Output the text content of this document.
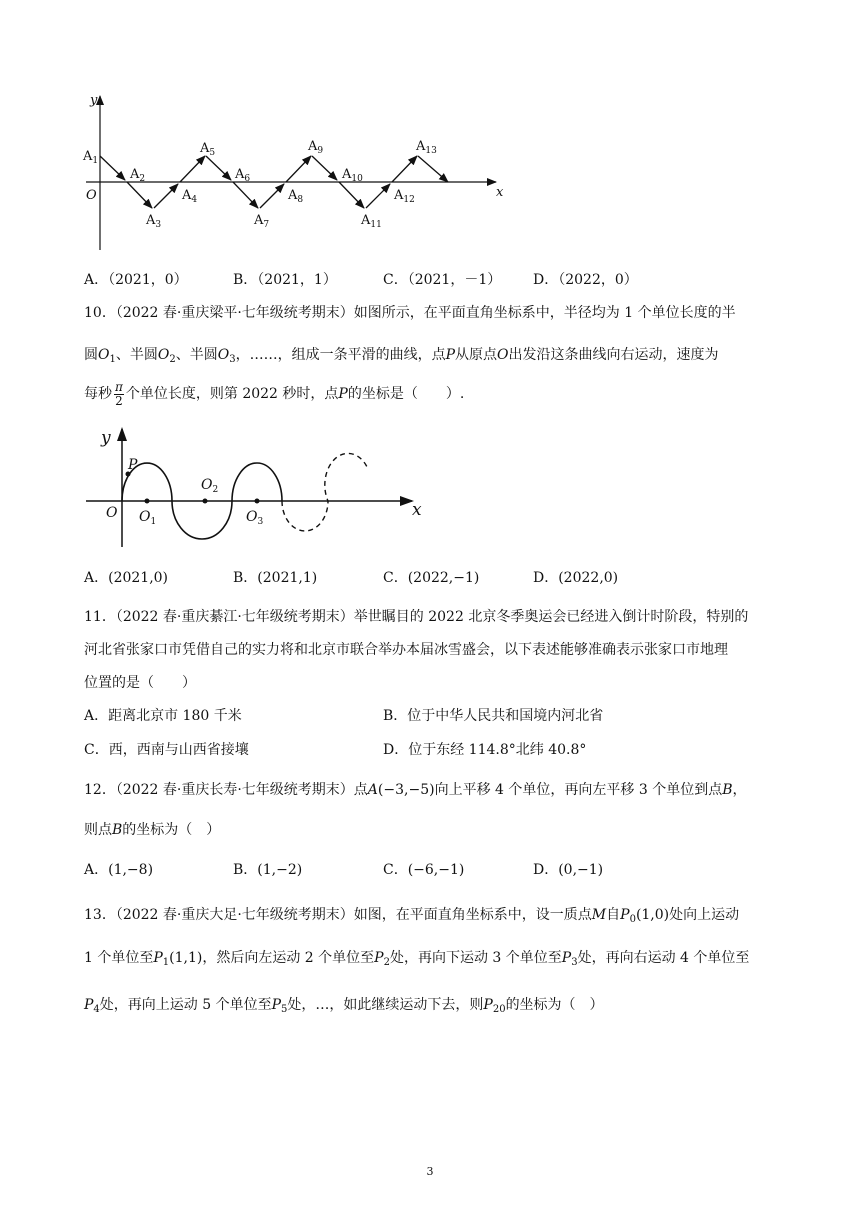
y
x
O
$A_1$
$A_2$
$A_3$
$A_4$
$A_5$
$A_6$
$A_7$
$A_8$
$A_9$
$A_{10}$
$A_{11}$
$A_{12}$
$A_{13}$
A．（2021，0）	B．（2021，1）	C．（2021，－1） D．（2022，0）
10．（2022 春·重庆梁平·七年级统考期末）如图所示，在平面直角坐标系中，半径均为 1 个单位长度的半
圆$O_1$、半圆$O_2$、半圆$O_3$，……，组成一条平滑的曲线，点P从原点O出发沿这条曲线向右运动，速度为
每秒 $\frac{\pi}{2}$ 个单位长度，则第 2022 秒时，点P的坐标是（　　）.
y
x
O
P
$O_1$
$O_2$
$O_3$
A．(2021,0)	B．(2021,1)	C．(2022,−1)	D．(2022,0)
11．（2022 春·重庆綦江·七年级统考期末）举世瞩目的 2022 北京冬季奥运会已经进入倒计时阶段，特别的
河北省张家口市凭借自己的实力将和北京市联合举办本届冰雪盛会，以下表述能够准确表示张家口市地理
位置的是（　　）
A．距离北京市 180 千米	B．位于中华人民共和国境内河北省
C．西，西南与山西省接壤	D．位于东经 114.8°北纬 40.8°
12．（2022 春·重庆长寿·七年级统考期末）点A(−3,−5)向上平移 4 个单位，再向左平移 3 个单位到点B，
则点B的坐标为（　）
A．(1,−8)	B．(1,−2)	C．(−6,−1)	D．(0,−1)
13．（2022 春·重庆大足·七年级统考期末）如图，在平面直角坐标系中，设一质点M自$P_0(1,0)$处向上运动
1 个单位至$P_1(1,1)$，然后向左运动 2 个单位至$P_2$处，再向下运动 3 个单位至$P_3$处，再向右运动 4 个单位至
$P_4$处，再向上运动 5 个单位至$P_5$处，…，如此继续运动下去，则$P_{20}$的坐标为（　）
3
